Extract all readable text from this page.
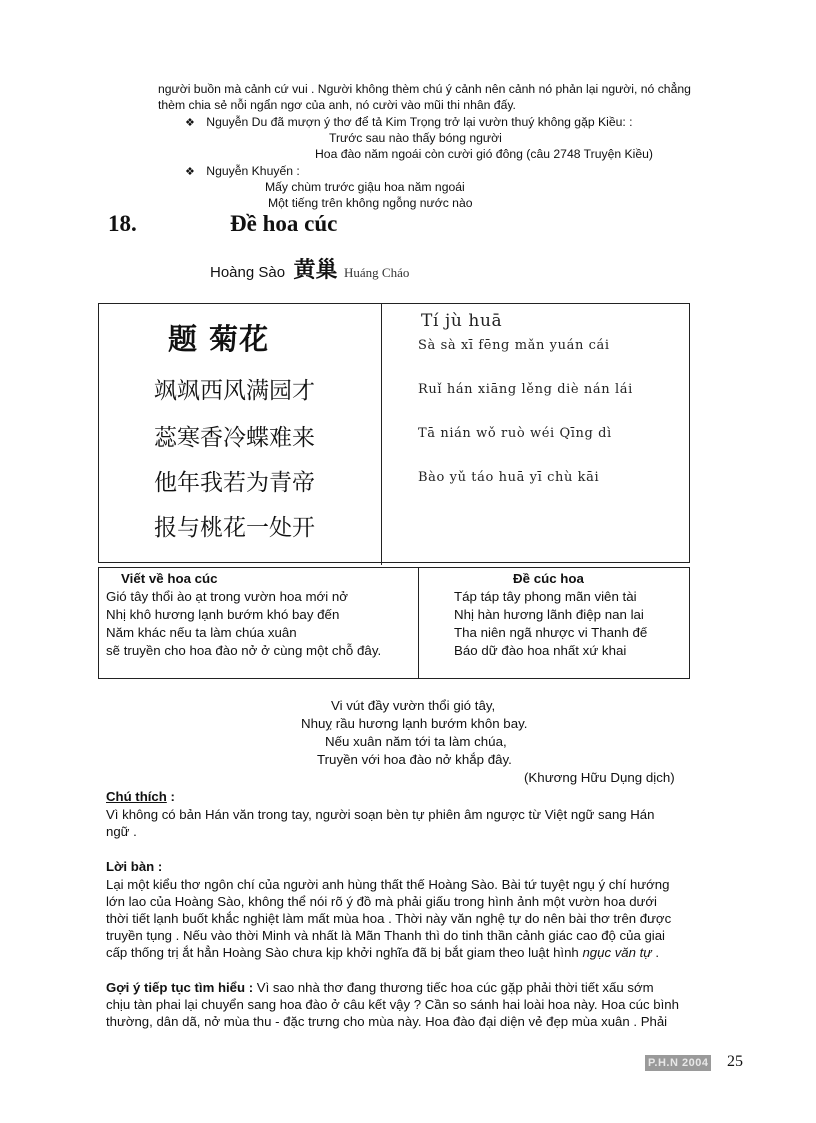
người buồn mà cảnh cứ vui . Người không thèm chú ý cảnh nên cảnh nó phản lại người, nó chẳng
thèm chia sẻ nỗi ngẩn ngơ của anh, nó cười vào mũi thi nhân đấy.
❖ Nguyễn Du đã mượn ý thơ để tả Kim Trọng trở lại vườn thuý không gặp Kiều: :
Trước sau nào thấy bóng người
Hoa đào năm ngoái còn cười gió đông (câu 2748 Truyện Kiều)
❖ Nguyễn Khuyến :
Mấy chùm trước giậu hoa năm ngoái
Một tiếng trên không ngỗng nước nào
18.	Đề hoa cúc
Hoàng Sào 黄巢 Huáng Cháo
题 菊花
飒飒西风满园才
蕊寒香冷蝶难来
他年我若为青帝
报与桃花一处开
Tí jù huā
Sà sà xī fēng mǎn yuán cái
Ruǐ hán xiāng lěng diè nán lái
Tā nián wǒ ruò wéi Qīng dì
Bào yǔ táo huā yī chù kāi
Viết về hoa cúc
Gió tây thổi ào ạt trong vườn hoa mới nở
Nhị khô hương lạnh bướm khó bay đến
Năm khác nếu ta làm chúa xuân
sẽ truyền cho hoa đào nở ở cùng một chỗ đây.
Đề cúc hoa
Táp táp tây phong mãn viên tài
Nhị hàn hương lãnh điệp nan lai
Tha niên ngã nhược vi Thanh đế
Báo dữ đào hoa nhất xứ khai
Vi vút đầy vườn thổi gió tây,
Nhuỵ rầu hương lạnh bướm khôn bay.
Nếu xuân năm tới ta làm chúa,
Truyền với hoa đào nở khắp đây.
(Khương Hữu Dụng dịch)
Chú thích :
Vì không có bản Hán văn trong tay, người soạn bèn tự phiên âm ngược từ Việt ngữ sang Hán
ngữ .
Lời bàn :
Lại một kiểu thơ ngôn chí của người anh hùng thất thế Hoàng Sào. Bài tứ tuyệt ngụ ý chí hướng
lớn lao của Hoàng Sào, không thể nói rõ ý đồ mà phải giấu trong hình ảnh một vườn hoa dưới
thời tiết lạnh buốt khắc nghiệt làm mất mùa hoa . Thời này văn nghệ tự do nên bài thơ trên được
truyền tụng . Nếu vào thời Minh và nhất là Mãn Thanh thì do tinh thần cảnh giác cao độ của giai
cấp thống trị ắt hẳn Hoàng Sào chưa kịp khởi nghĩa đã bị bắt giam theo luật hình ngục văn tự .
Gợi ý tiếp tục tìm hiểu : Vì sao nhà thơ đang thương tiếc hoa cúc gặp phải thời tiết xấu sớm
chịu tàn phai lại chuyển sang hoa đào ở câu kết vậy ? Cần so sánh hai loài hoa này. Hoa cúc bình
thường, dân dã, nở mùa thu - đặc trưng cho mùa này. Hoa đào đại diện vẻ đẹp mùa xuân . Phải
P.H.N 2004 25
